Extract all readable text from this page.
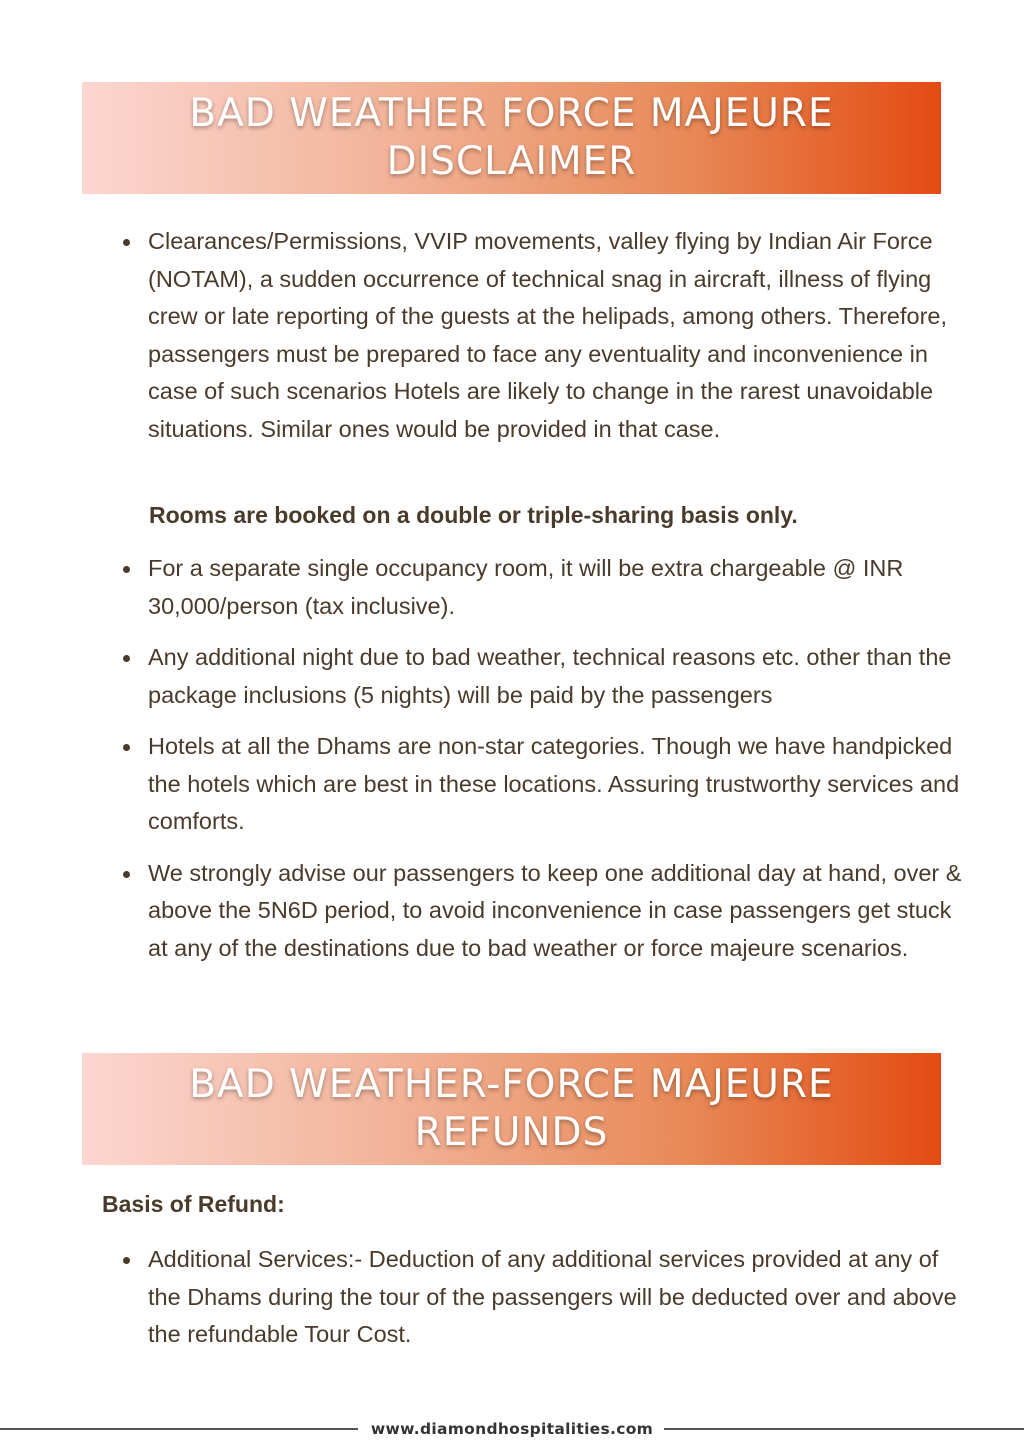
BAD WEATHER FORCE MAJEURE DISCLAIMER
Clearances/Permissions, VVIP movements, valley flying by Indian Air Force (NOTAM), a sudden occurrence of technical snag in aircraft, illness of flying crew or late reporting of the guests at the helipads, among others. Therefore, passengers must be prepared to face any eventuality and inconvenience in case of such scenarios Hotels are likely to change in the rarest unavoidable situations. Similar ones would be provided in that case.
Rooms are booked on a double or triple-sharing basis only.
For a separate single occupancy room, it will be extra chargeable @ INR 30,000/person (tax inclusive).
Any additional night due to bad weather, technical reasons etc. other than the package inclusions (5 nights) will be paid by the passengers
Hotels at all the Dhams are non-star categories. Though we have handpicked the hotels which are best in these locations. Assuring trustworthy services and comforts.
We strongly advise our passengers to keep one additional day at hand, over & above the 5N6D period, to avoid inconvenience in case passengers get stuck at any of the destinations due to bad weather or force majeure scenarios.
BAD WEATHER-FORCE MAJEURE REFUNDS
Basis of Refund:
Additional Services:- Deduction of any additional services provided at any of the Dhams during the tour of the passengers will be deducted over and above the refundable Tour Cost.
www.diamondhospitalities.com
